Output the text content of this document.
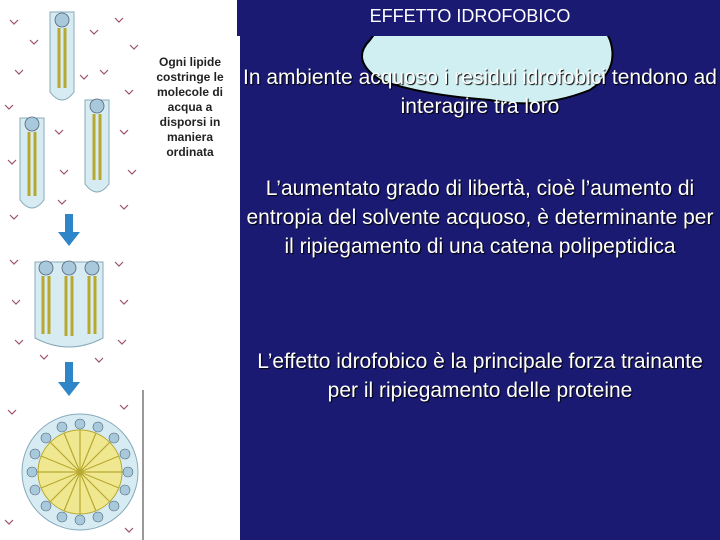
Ogni lipide costringe le molecole di acqua a disporsi in maniera ordinata
EFFETTO IDROFOBICO
In ambiente acquoso i residui idrofobici tendono ad interagire tra loro
L’aumentato grado di libertà, cioè l’aumento di entropia del solvente acquoso, è determinante per il ripiegamento di una catena polipeptidica
L’effetto idrofobico è la principale forza trainante per il ripiegamento delle proteine
